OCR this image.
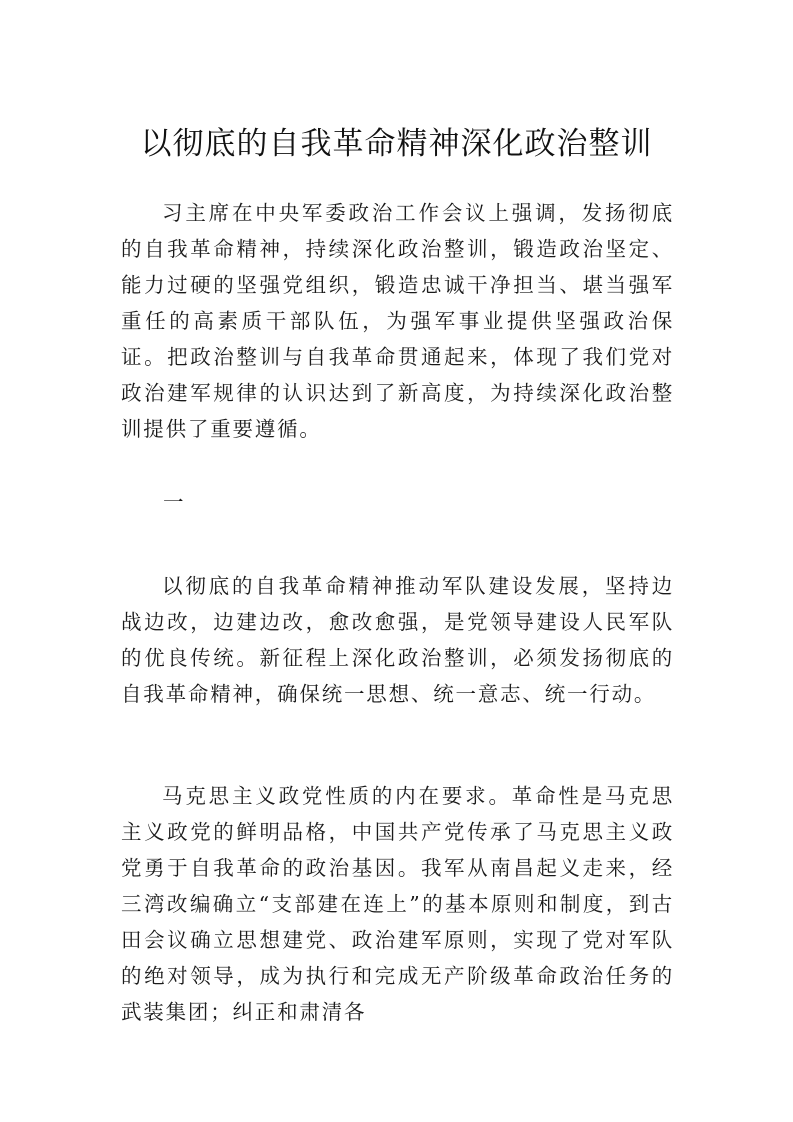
以彻底的自我革命精神深化政治整训

习主席在中央军委政治工作会议上强调，发扬彻底的自我革命精神，持续深化政治整训，锻造政治坚定、能力过硬的坚强党组织，锻造忠诚干净担当、堪当强军重任的高素质干部队伍，为强军事业提供坚强政治保证。把政治整训与自我革命贯通起来，体现了我们党对政治建军规律的认识达到了新高度，为持续深化政治整训提供了重要遵循。

一

以彻底的自我革命精神推动军队建设发展，坚持边战边改，边建边改，愈改愈强，是党领导建设人民军队的优良传统。新征程上深化政治整训，必须发扬彻底的自我革命精神，确保统一思想、统一意志、统一行动。

马克思主义政党性质的内在要求。革命性是马克思主义政党的鲜明品格，中国共产党传承了马克思主义政党勇于自我革命的政治基因。我军从南昌起义走来，经三湾改编确立“支部建在连上”的基本原则和制度，到古田会议确立思想建党、政治建军原则，实现了党对军队的绝对领导，成为执行和完成无产阶级革命政治任务的武装集团；纠正和肃清各
